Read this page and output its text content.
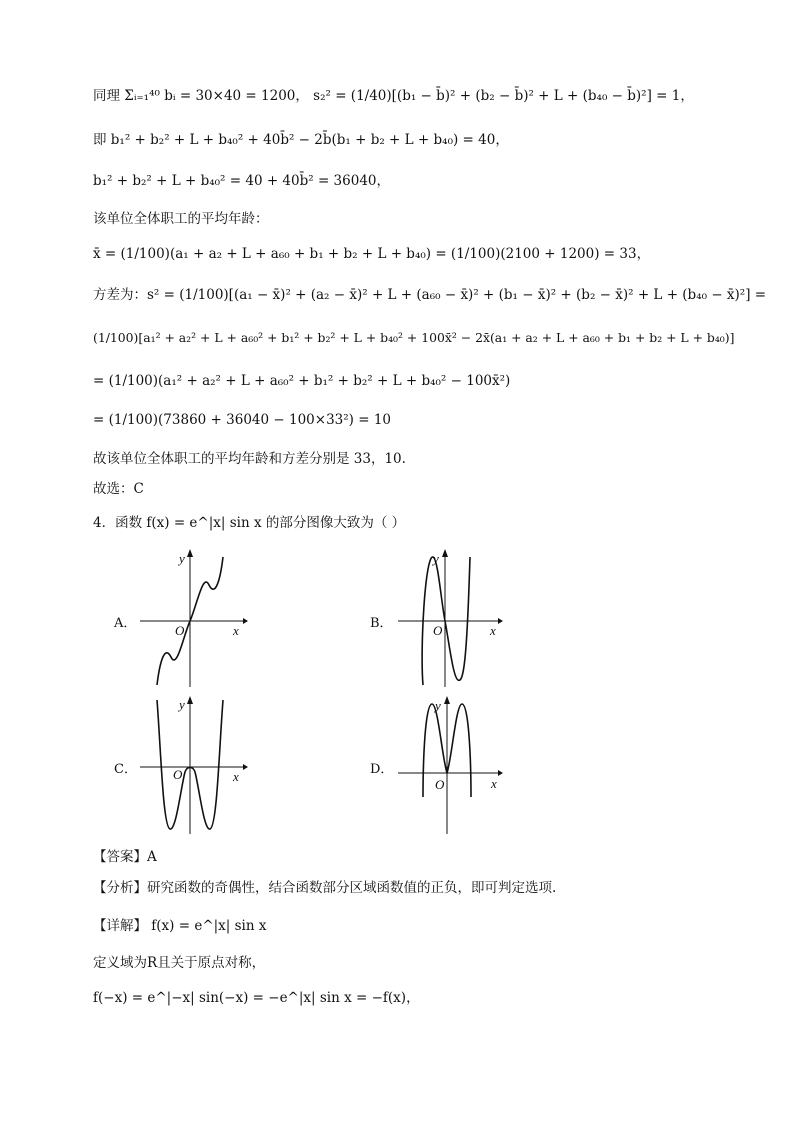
同理 Σᵢ₌₁⁴⁰ bᵢ = 30×40 = 1200， s₂² = (1/40)[(b₁ − b̄)² + (b₂ − b̄)² + L + (b₄₀ − b̄)²] = 1，
即 b₁² + b₂² + L + b₄₀² + 40b̄² − 2b̄(b₁ + b₂ + L + b₄₀) = 40，
b₁² + b₂² + L + b₄₀² = 40 + 40b̄² = 36040，
该单位全体职工的平均年龄：
x̄ = (1/100)(a₁ + a₂ + L + a₆₀ + b₁ + b₂ + L + b₄₀) = (1/100)(2100 + 1200) = 33，
方差为：s² = (1/100)[(a₁ − x̄)² + (a₂ − x̄)² + L + (a₆₀ − x̄)² + (b₁ − x̄)² + (b₂ − x̄)² + L + (b₄₀ − x̄)²] =
(1/100)[a₁² + a₂² + L + a₆₀² + b₁² + b₂² + L + b₄₀² + 100x̄² − 2x̄(a₁ + a₂ + L + a₆₀ + b₁ + b₂ + L + b₄₀)]
= (1/100)(a₁² + a₂² + L + a₆₀² + b₁² + b₂² + L + b₄₀² − 100x̄²)
= (1/100)(73860 + 36040 − 100×33²) = 10
故该单位全体职工的平均年龄和方差分别是 33，10.
故选：C
4．函数 f(x) = e^|x| sin x 的部分图像大致为（ ）
A．
y
x
O	B．
y
x
O
C．
y
x
O	D．
y
x
O
【答案】A
【分析】研究函数的奇偶性，结合函数部分区域函数值的正负，即可判定选项.
【详解】 f(x) = e^|x| sin x
定义域为R且关于原点对称，
f(−x) = e^|−x| sin(−x) = −e^|x| sin x = −f(x)，
